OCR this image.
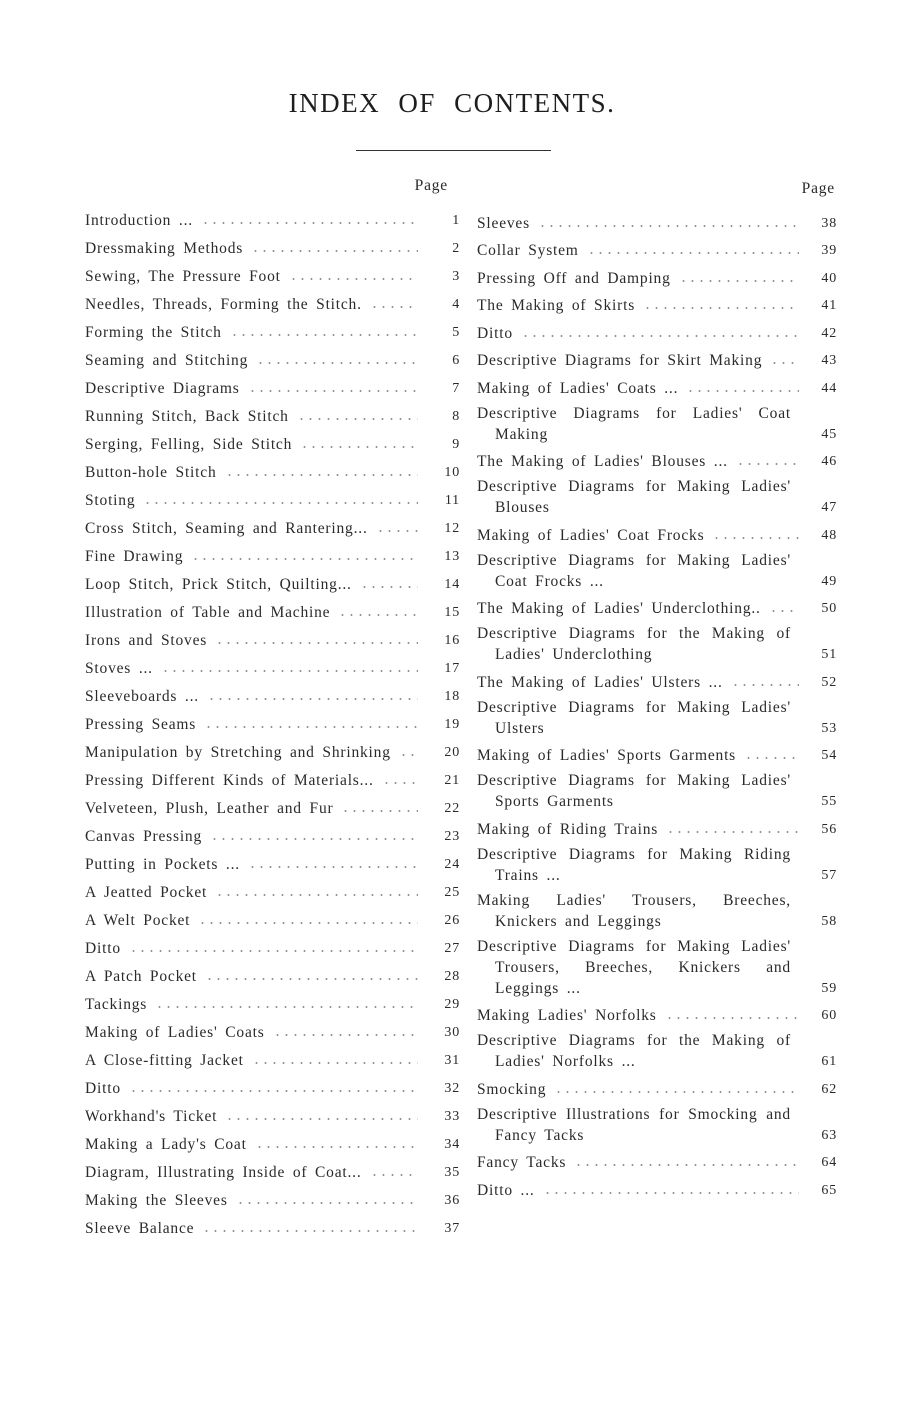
INDEX OF CONTENTS.
Page
Introduction ...	1
Dressmaking Methods	2
Sewing, The Pressure Foot	3
Needles, Threads, Forming the Stitch.	4
Forming the Stitch	5
Seaming and Stitching	6
Descriptive Diagrams	7
Running Stitch, Back Stitch	8
Serging, Felling, Side Stitch	9
Button-hole Stitch	10
Stoting	11
Cross Stitch, Seaming and Rantering...	12
Fine Drawing	13
Loop Stitch, Prick Stitch, Quilting...	14
Illustration of Table and Machine	15
Irons and Stoves	16
Stoves ...	17
Sleeveboards ...	18
Pressing Seams	19
Manipulation by Stretching and Shrinking	20
Pressing Different Kinds of Materials...	21
Velveteen, Plush, Leather and Fur	22
Canvas Pressing	23
Putting in Pockets ...	24
A Jeatted Pocket	25
A Welt Pocket	26
Ditto	27
A Patch Pocket	28
Tackings	29
Making of Ladies' Coats	30
A Close-fitting Jacket	31
Ditto	32
Workhand's Ticket	33
Making a Lady's Coat	34
Diagram, Illustrating Inside of Coat...	35
Making the Sleeves	36
Sleeve Balance	37
Page
Sleeves	38
Collar System	39
Pressing Off and Damping	40
The Making of Skirts	41
Ditto	42
Descriptive Diagrams for Skirt Making	43
Making of Ladies' Coats ...	44
Descriptive Diagrams for Ladies' Coat Making	45
The Making of Ladies' Blouses ...	46
Descriptive Diagrams for Making Ladies' Blouses	47
Making of Ladies' Coat Frocks	48
Descriptive Diagrams for Making Ladies' Coat Frocks ...	49
The Making of Ladies' Underclothing..	50
Descriptive Diagrams for the Making of Ladies' Underclothing	51
The Making of Ladies' Ulsters ...	52
Descriptive Diagrams for Making Ladies' Ulsters	53
Making of Ladies' Sports Garments	54
Descriptive Diagrams for Making Ladies' Sports Garments	55
Making of Riding Trains	56
Descriptive Diagrams for Making Riding Trains ...	57
Making Ladies' Trousers, Breeches, Knickers and Leggings	58
Descriptive Diagrams for Making Ladies' Trousers, Breeches, Knickers and Leggings ...	59
Making Ladies' Norfolks	60
Descriptive Diagrams for the Making of Ladies' Norfolks ...	61
Smocking	62
Descriptive Illustrations for Smocking and Fancy Tacks	63
Fancy Tacks	64
Ditto ...	65
